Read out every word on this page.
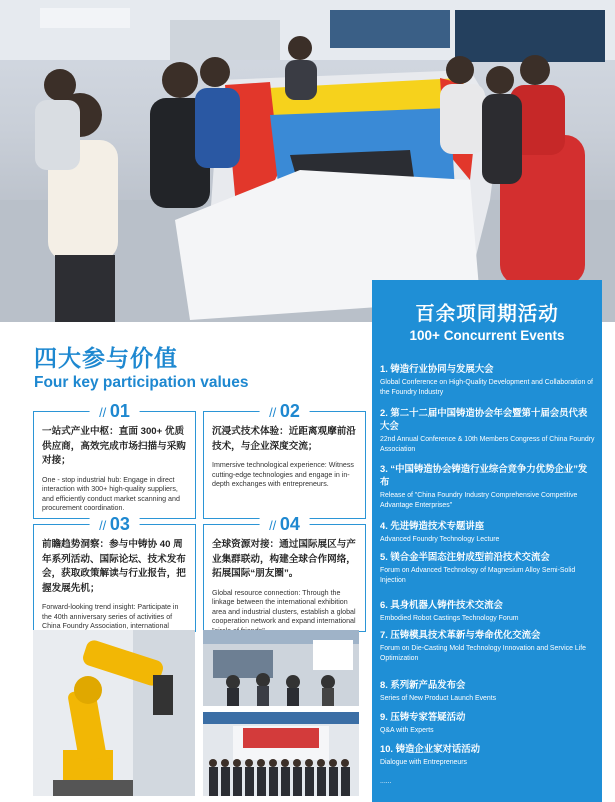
四大参与价值
Four key participation values
// 01

一站式产业中枢：直面 300+ 优质供应商，高效完成市场扫描与采购对接；

One - stop industrial hub: Engage in direct interaction with 300+ high-quality suppliers, and efficiently conduct market scanning and procurement coordination.

// 02

沉浸式技术体验：近距离观摩前沿技术，与企业深度交流；

Immersive technological experience: Witness cutting-edge technologies and engage in in-depth exchanges with entrepreneurs.

// 03

前瞻趋势洞察：参与中铸协 40 周年系列活动、国际论坛、技术发布会，获取政策解读与行业报告，把握发展先机；

Forward-looking trend insight: Participate in the 40th anniversary series of activities of China Foundry Association, international

// 04

全球资源对接：通过国际展区与产业集群联动，构建全球合作网络，拓展国际“朋友圈”。

Global resource connection: Through the linkage between the international exhibition area and industrial clusters, establish a global cooperation network and expand international

百余项同期活动
100+ Concurrent Events
1. 铸造行业协同与发展大会
Global Conference on High-Quality Development and Collaboration of the Foundry Industry
2. 第二十二届中国铸造协会年会暨第十届会员代表大会
22nd Annual Conference & 10th Members Congress of China Foundry Association
3. “中国铸造协会铸造行业综合竞争力优势企业”发布
Release of "China Foundry Industry Comprehensive Competitive Advantage Enterprises"
4. 先进铸造技术专题讲座
Advanced Foundry Technology Lecture
5. 镁合金半固态注射成型前沿技术交流会
Forum on Advanced Technology of Magnesium Alloy Semi-Solid Injection
6. 具身机器人铸件技术交流会
Embodied Robot Castings Technology Forum
7. 压铸模具技术革新与寿命优化交流会
Forum on Die-Casting Mold Technology Innovation and Service Life Optimization
8. 系列新产品发布会
Series of New Product Launch Events
9. 压铸专家答疑活动
Q&A with Experts
10. 铸造企业家对话活动
Dialogue with Entrepreneurs
......
